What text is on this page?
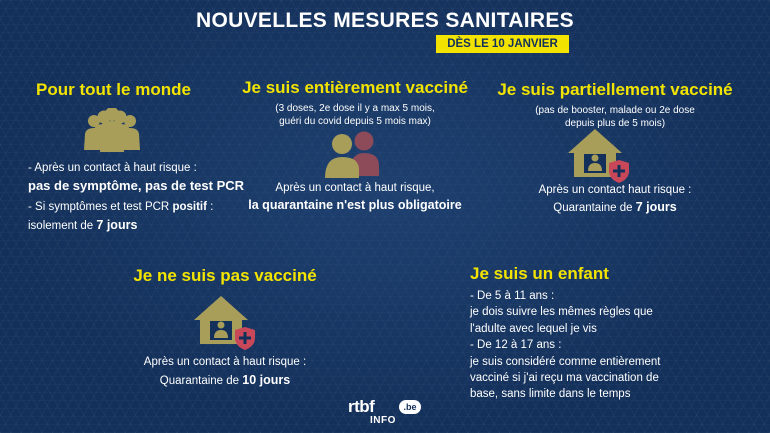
NOUVELLES MESURES SANITAIRES
DÈS LE 10 JANVIER
Pour tout le monde
- Après un contact à haut risque :
pas de symptôme, pas de test PCR
- Si symptômes et test PCR positif :
isolement de 7 jours
Je suis entièrement vacciné
(3 doses, 2e dose il y a max 5 mois,
guéri du covid depuis 5 mois max)
Après un contact à haut risque,
la quarantaine n'est plus obligatoire
Je suis partiellement vacciné
(pas de booster, malade ou 2e dose
depuis plus de 5 mois)
Après un contact haut risque :
Quarantaine de 7 jours
Je ne suis pas vacciné
Après un contact à haut risque :
Quarantaine de 10 jours
Je suis un enfant
- De 5 à 11 ans :
je dois suivre les mêmes règles que
l'adulte avec lequel je vis
- De 12 à 17 ans :
je suis considéré comme entièrement
vacciné si j'ai reçu ma vaccination de
base, sans limite dans le temps
rtbf	.be
INFO
